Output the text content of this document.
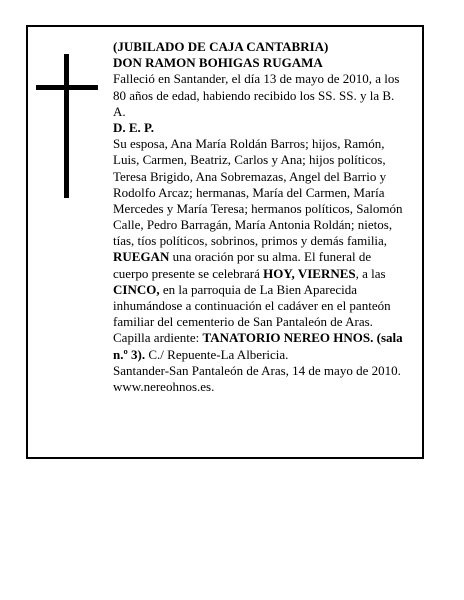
(JUBILADO DE CAJA CANTABRIA)
DON RAMON BOHIGAS RUGAMA
Falleció en Santander, el día 13 de mayo de 2010, a los
80 años de edad, habiendo recibido los SS. SS. y la B.
A.
D. E. P.
Su esposa, Ana María Roldán Barros; hijos, Ramón,
Luis, Carmen, Beatriz, Carlos y Ana; hijos políticos,
Teresa Brigido, Ana Sobremazas, Angel del Barrio y
Rodolfo Arcaz; hermanas, María del Carmen, María
Mercedes y María Teresa; hermanos políticos, Salomón
Calle, Pedro Barragán, María Antonia Roldán; nietos,
tías, tíos políticos, sobrinos, primos y demás familia,
RUEGAN una oración por su alma. El funeral de
cuerpo presente se celebrará HOY, VIERNES, a las
CINCO, en la parroquia de La Bien Aparecida
inhumándose a continuación el cadáver en el panteón
familiar del cementerio de San Pantaleón de Aras.
Capilla ardiente: TANATORIO NEREO HNOS. (sala
n.º 3). C./ Repuente-La Albericia.
Santander-San Pantaleón de Aras, 14 de mayo de 2010.
www.nereohnos.es.
